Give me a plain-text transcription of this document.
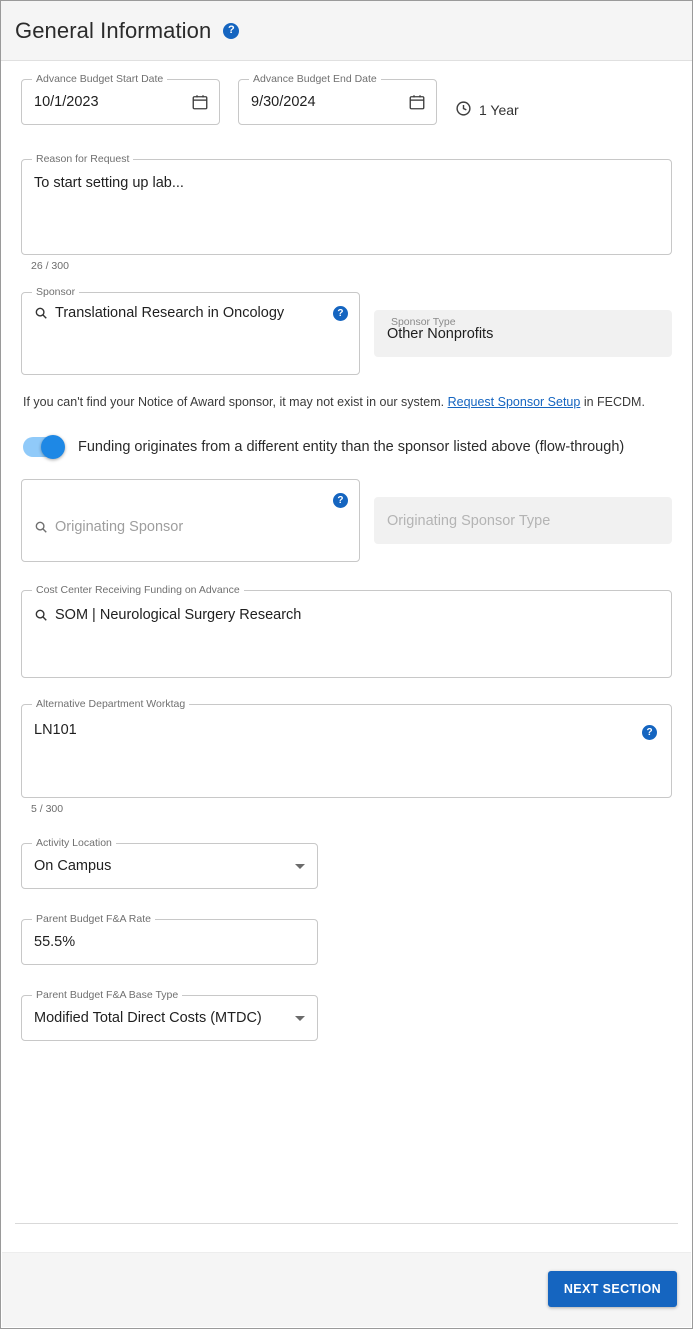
General Information	?
Advance Budget Start Date
10/1/2023
Advance Budget End Date
9/30/2024	1 Year
Reason for Request
To start setting up lab...
26 / 300
Sponsor
Translational Research in Oncology	?
Sponsor Type
Other Nonprofits
If you can't find your Notice of Award sponsor, it may not exist in our system. Request Sponsor Setup in FECDM.
Funding originates from a different entity than the sponsor listed above (flow-through)
Originating Sponsor
?
Originating Sponsor Type
Cost Center Receiving Funding on Advance
SOM | Neurological Surgery Research
Alternative Department Worktag
LN101	?
5 / 300
Activity Location
On Campus
Parent Budget F&A Rate
55.5%
Parent Budget F&A Base Type
Modified Total Direct Costs (MTDC)
NEXT SECTION
